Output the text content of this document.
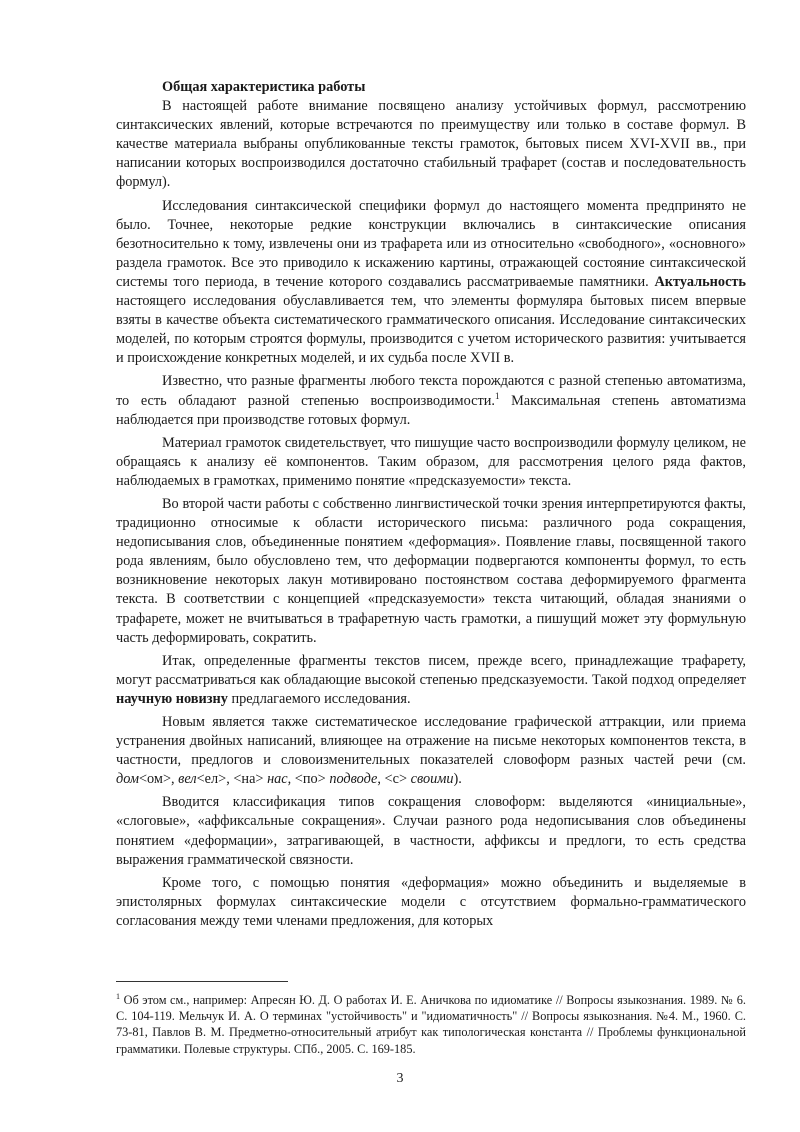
Общая характеристика работы

В настоящей работе внимание посвящено анализу устойчивых формул, рассмотрению синтаксических явлений, которые встречаются по преимуществу или только в составе формул. В качестве материала выбраны опубликованные тексты грамоток, бытовых писем XVI-XVII вв., при написании которых воспроизводился достаточно стабильный трафарет (состав и последовательность формул).

Исследования синтаксической специфики формул до настоящего момента предпринято не было. Точнее, некоторые редкие конструкции включались в синтаксические описания безотносительно к тому, извлечены они из трафарета или из относительно «свободного», «основного» раздела грамоток. Все это приводило к искажению картины, отражающей состояние синтаксической системы того периода, в течение которого создавались рассматриваемые памятники. Актуальность настоящего исследования обуславливается тем, что элементы формуляра бытовых писем впервые взяты в качестве объекта систематического грамматического описания. Исследование синтаксических моделей, по которым строятся формулы, производится с учетом исторического развития: учитывается и происхождение конкретных моделей, и их судьба после XVII в.

Известно, что разные фрагменты любого текста порождаются с разной степенью автоматизма, то есть обладают разной степенью воспроизводимости.$^1$ Максимальная степень автоматизма наблюдается при производстве готовых формул.

Материал грамоток свидетельствует, что пишущие часто воспроизводили формулу целиком, не обращаясь к анализу её компонентов. Таким образом, для рассмотрения целого ряда фактов, наблюдаемых в грамотках, применимо понятие «предсказуемости» текста.

Во второй части работы с собственно лингвистической точки зрения интерпретируются факты, традиционно относимые к области исторического письма: различного рода сокращения, недописывания слов, объединенные понятием «деформация». Появление главы, посвященной такого рода явлениям, было обусловлено тем, что деформации подвергаются компоненты формул, то есть возникновение некоторых лакун мотивировано постоянством состава деформируемого фрагмента текста. В соответствии с концепцией «предсказуемости» текста читающий, обладая знаниями о трафарете, может не вчитываться в трафаретную часть грамотки, а пишущий может эту формульную часть деформировать, сократить.

Итак, определенные фрагменты текстов писем, прежде всего, принадлежащие трафарету, могут рассматриваться как обладающие высокой степенью предсказуемости. Такой подход определяет научную новизну предлагаемого исследования.

Новым является также систематическое исследование графической аттракции, или приема устранения двойных написаний, влияющее на отражение на письме некоторых компонентов текста, в частности, предлогов и словоизменительных показателей словоформ разных частей речи (см. дом<ом>, вел<ел>, <на> нас, <по> подводе, <с> своими).

Вводится классификация типов сокращения словоформ: выделяются «инициальные», «слоговые», «аффиксальные сокращения». Случаи разного рода недописывания слов объединены понятием «деформации», затрагивающей, в частности, аффиксы и предлоги, то есть средства выражения грамматической связности.

Кроме того, с помощью понятия «деформация» можно объединить и выделяемые в эпистолярных формулах синтаксические модели с отсутствием формально-грамматического согласования между теми членами предложения, для которых

$^1$ Об этом см., например: Апресян Ю. Д. О работах И. Е. Аничкова по идиоматике // Вопросы языкознания. 1989. № 6. С. 104-119. Мельчук И. А. О терминах "устойчивость" и "идиоматичность" // Вопросы языкознания. №4. М., 1960. С. 73-81, Павлов В. М. Предметно-относительный атрибут как типологическая константа // Проблемы функциональной грамматики. Полевые структуры. СПб., 2005. С. 169-185.
3
